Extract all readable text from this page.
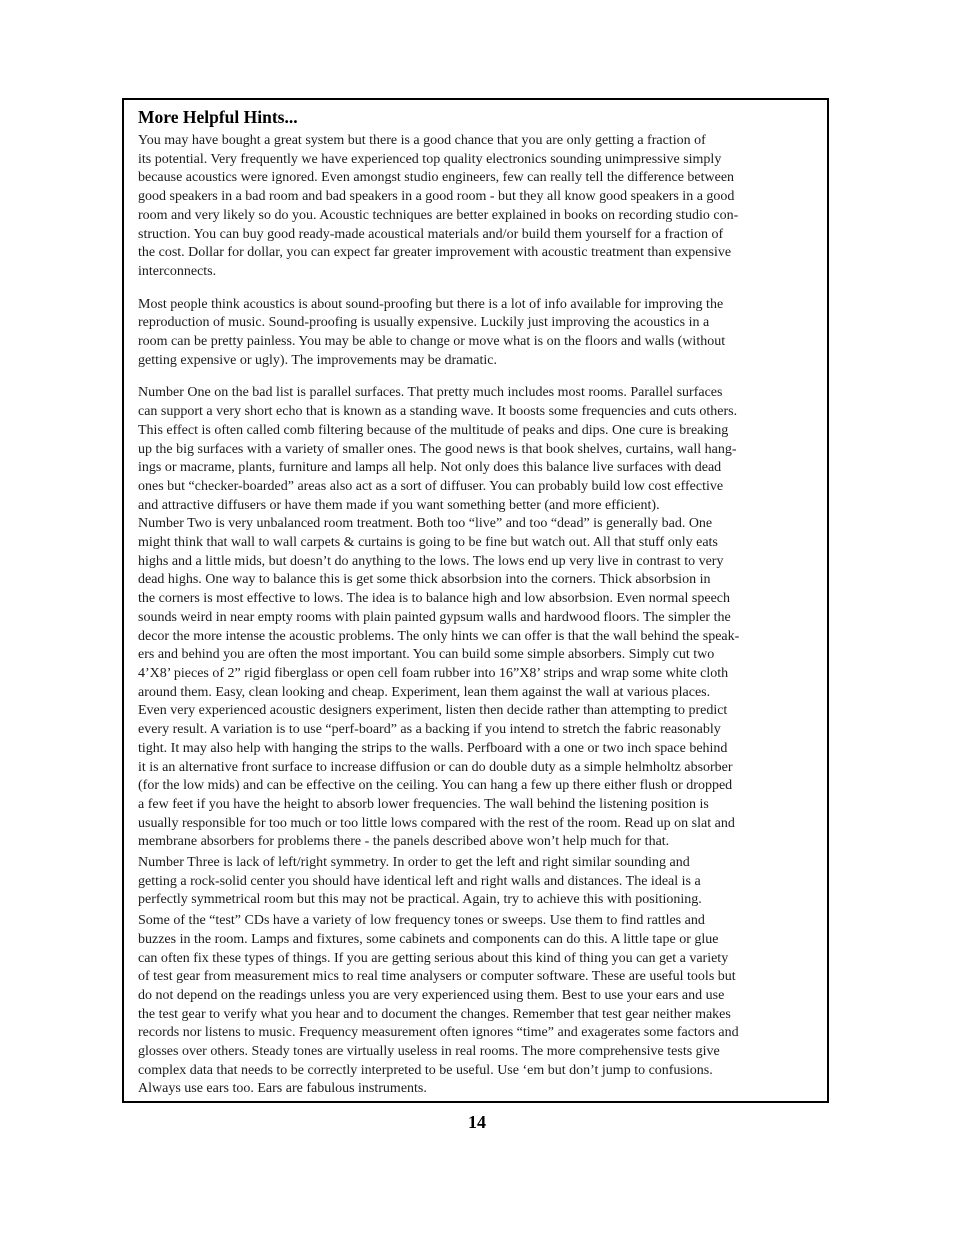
More Helpful Hints...

You may have bought a great system but there is a good chance that you are only getting a fraction of
its potential. Very frequently we have experienced top quality electronics sounding unimpressive simply
because acoustics were ignored. Even amongst studio engineers, few can really tell the difference between
good speakers in a bad room and bad speakers in a good room - but they all know good speakers in a good
room and very likely so do you. Acoustic techniques are better explained in books on recording studio con-
struction. You can buy good ready-made acoustical materials and/or build them yourself for a fraction of
the cost. Dollar for dollar, you can expect far greater improvement with acoustic treatment than expensive
interconnects.

Most people think acoustics is about sound-proofing but there is a lot of info available for improving the
reproduction of music. Sound-proofing is usually expensive. Luckily just improving the acoustics in a
room can be pretty painless. You may be able to change or move what is on the floors and walls (without
getting expensive or ugly). The improvements may be dramatic.

Number One on the bad list is parallel surfaces. That pretty much includes most rooms. Parallel surfaces
can support a very short echo that is known as a standing wave. It boosts some frequencies and cuts others.
This effect is often called comb filtering because of the multitude of peaks and dips. One cure is breaking
up the big surfaces with a variety of smaller ones. The good news is that book shelves, curtains, wall hang-
ings or macrame, plants, furniture and lamps all help. Not only does this balance live surfaces with dead
ones but “checker-boarded” areas also act as a sort of diffuser. You can probably build low cost effective
and attractive diffusers or have them made if you want something better (and more efficient).

Number Two is very unbalanced room treatment. Both too “live” and too “dead” is generally bad. One
might think that wall to wall carpets & curtains is going to be fine but watch out. All that stuff only eats
highs and a little mids, but doesn’t do anything to the lows. The lows end up very live in contrast to very
dead highs. One way to balance this is get some thick absorbsion into the corners. Thick absorbsion in
the corners is most effective to lows. The idea is to balance high and low absorbsion. Even normal speech
sounds weird in near empty rooms with plain painted gypsum walls and hardwood floors. The simpler the
decor the more intense the acoustic problems. The only hints we can offer is that the wall behind the speak-
ers and behind you are often the most important. You can build some simple absorbers. Simply cut two
4’X8’ pieces of 2” rigid fiberglass or open cell foam rubber into 16”X8’ strips and wrap some white cloth
around them. Easy, clean looking and cheap. Experiment, lean them against the wall at various places.
Even very experienced acoustic designers experiment, listen then decide rather than attempting to predict
every result. A variation is to use “perf-board” as a backing if you intend to stretch the fabric reasonably
tight. It may also help with hanging the strips to the walls. Perfboard with a one or two inch space behind
it is an alternative front surface to increase diffusion or can do double duty as a simple helmholtz absorber
(for the low mids) and can be effective on the ceiling. You can hang a few up there either flush or dropped
a few feet if you have the height to absorb lower frequencies. The wall behind the listening position is
usually responsible for too much or too little lows compared with the rest of the room. Read up on slat and
membrane absorbers for problems there - the panels described above won’t help much for that.

Number Three is lack of left/right symmetry. In order to get the left and right similar sounding and
getting a rock-solid center you should have identical left and right walls and distances. The ideal is a
perfectly symmetrical room but this may not be practical. Again, try to achieve this with positioning.

Some of the “test” CDs have a variety of low frequency tones or sweeps. Use them to find rattles and
buzzes in the room. Lamps and fixtures, some cabinets and components can do this. A little tape or glue
can often fix these types of things. If you are getting serious about this kind of thing you can get a variety
of test gear from measurement mics to real time analysers or computer software. These are useful tools but
do not depend on the readings unless you are very experienced using them. Best to use your ears and use
the test gear to verify what you hear and to document the changes. Remember that test gear neither makes
records nor listens to music. Frequency measurement often ignores “time” and exagerates some factors and
glosses over others. Steady tones are virtually useless in real rooms. The more comprehensive tests give
complex data that needs to be correctly interpreted to be useful. Use ‘em but don’t jump to confusions.
Always use ears too. Ears are fabulous instruments.

14
